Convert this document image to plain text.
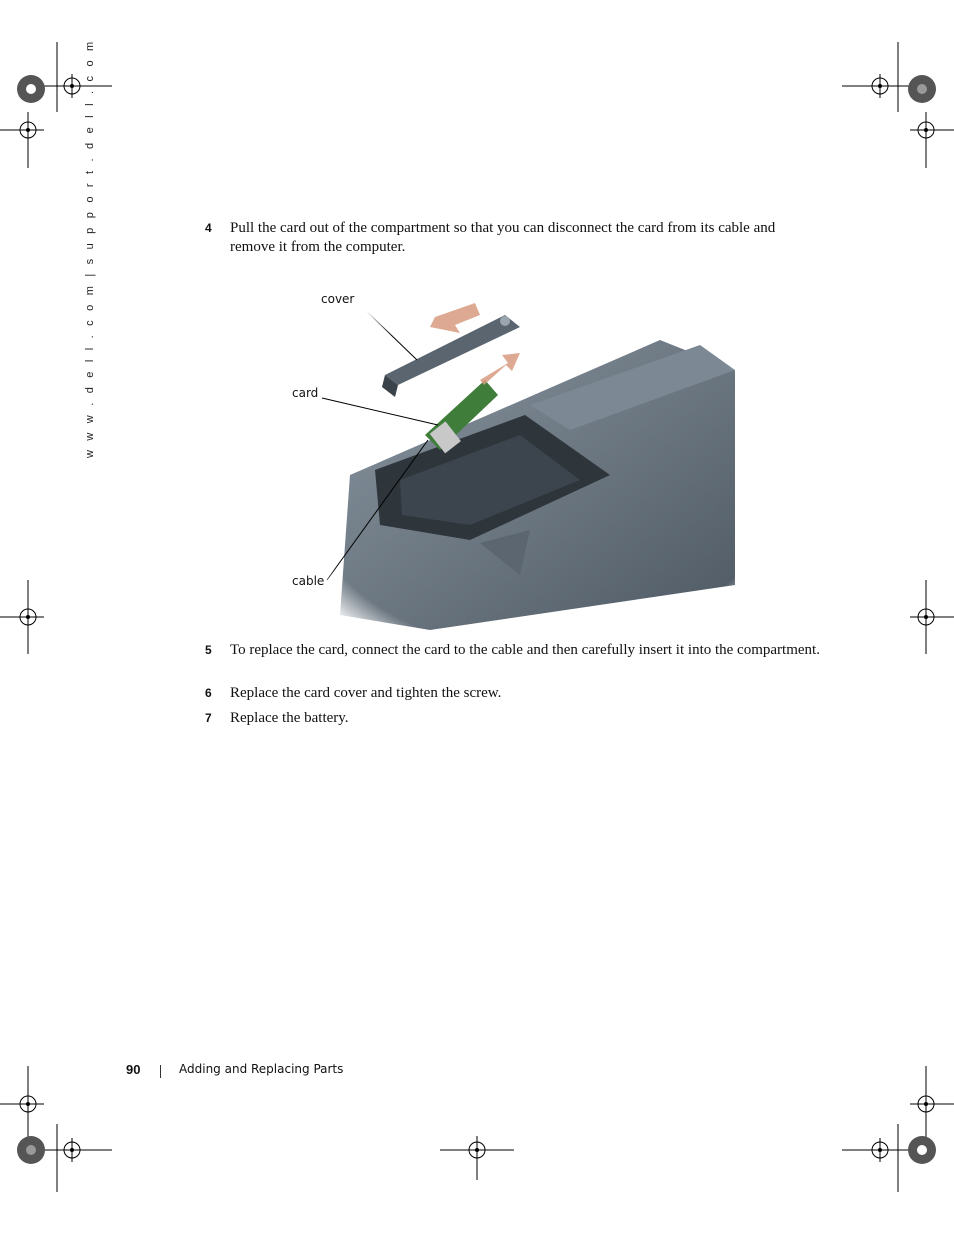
w w w . d e l l . c o m | s u p p o r t . d e l l . c o m	4	Pull the card out of the compartment so that you can disconnect the card from its cable and remove it from the computer.
cover
card
cable
5	To replace the card, connect the card to the cable and then carefully insert it into the compartment.
6	Replace the card cover and tighten the screw.
7	Replace the battery.
90	Adding and Replacing Parts
